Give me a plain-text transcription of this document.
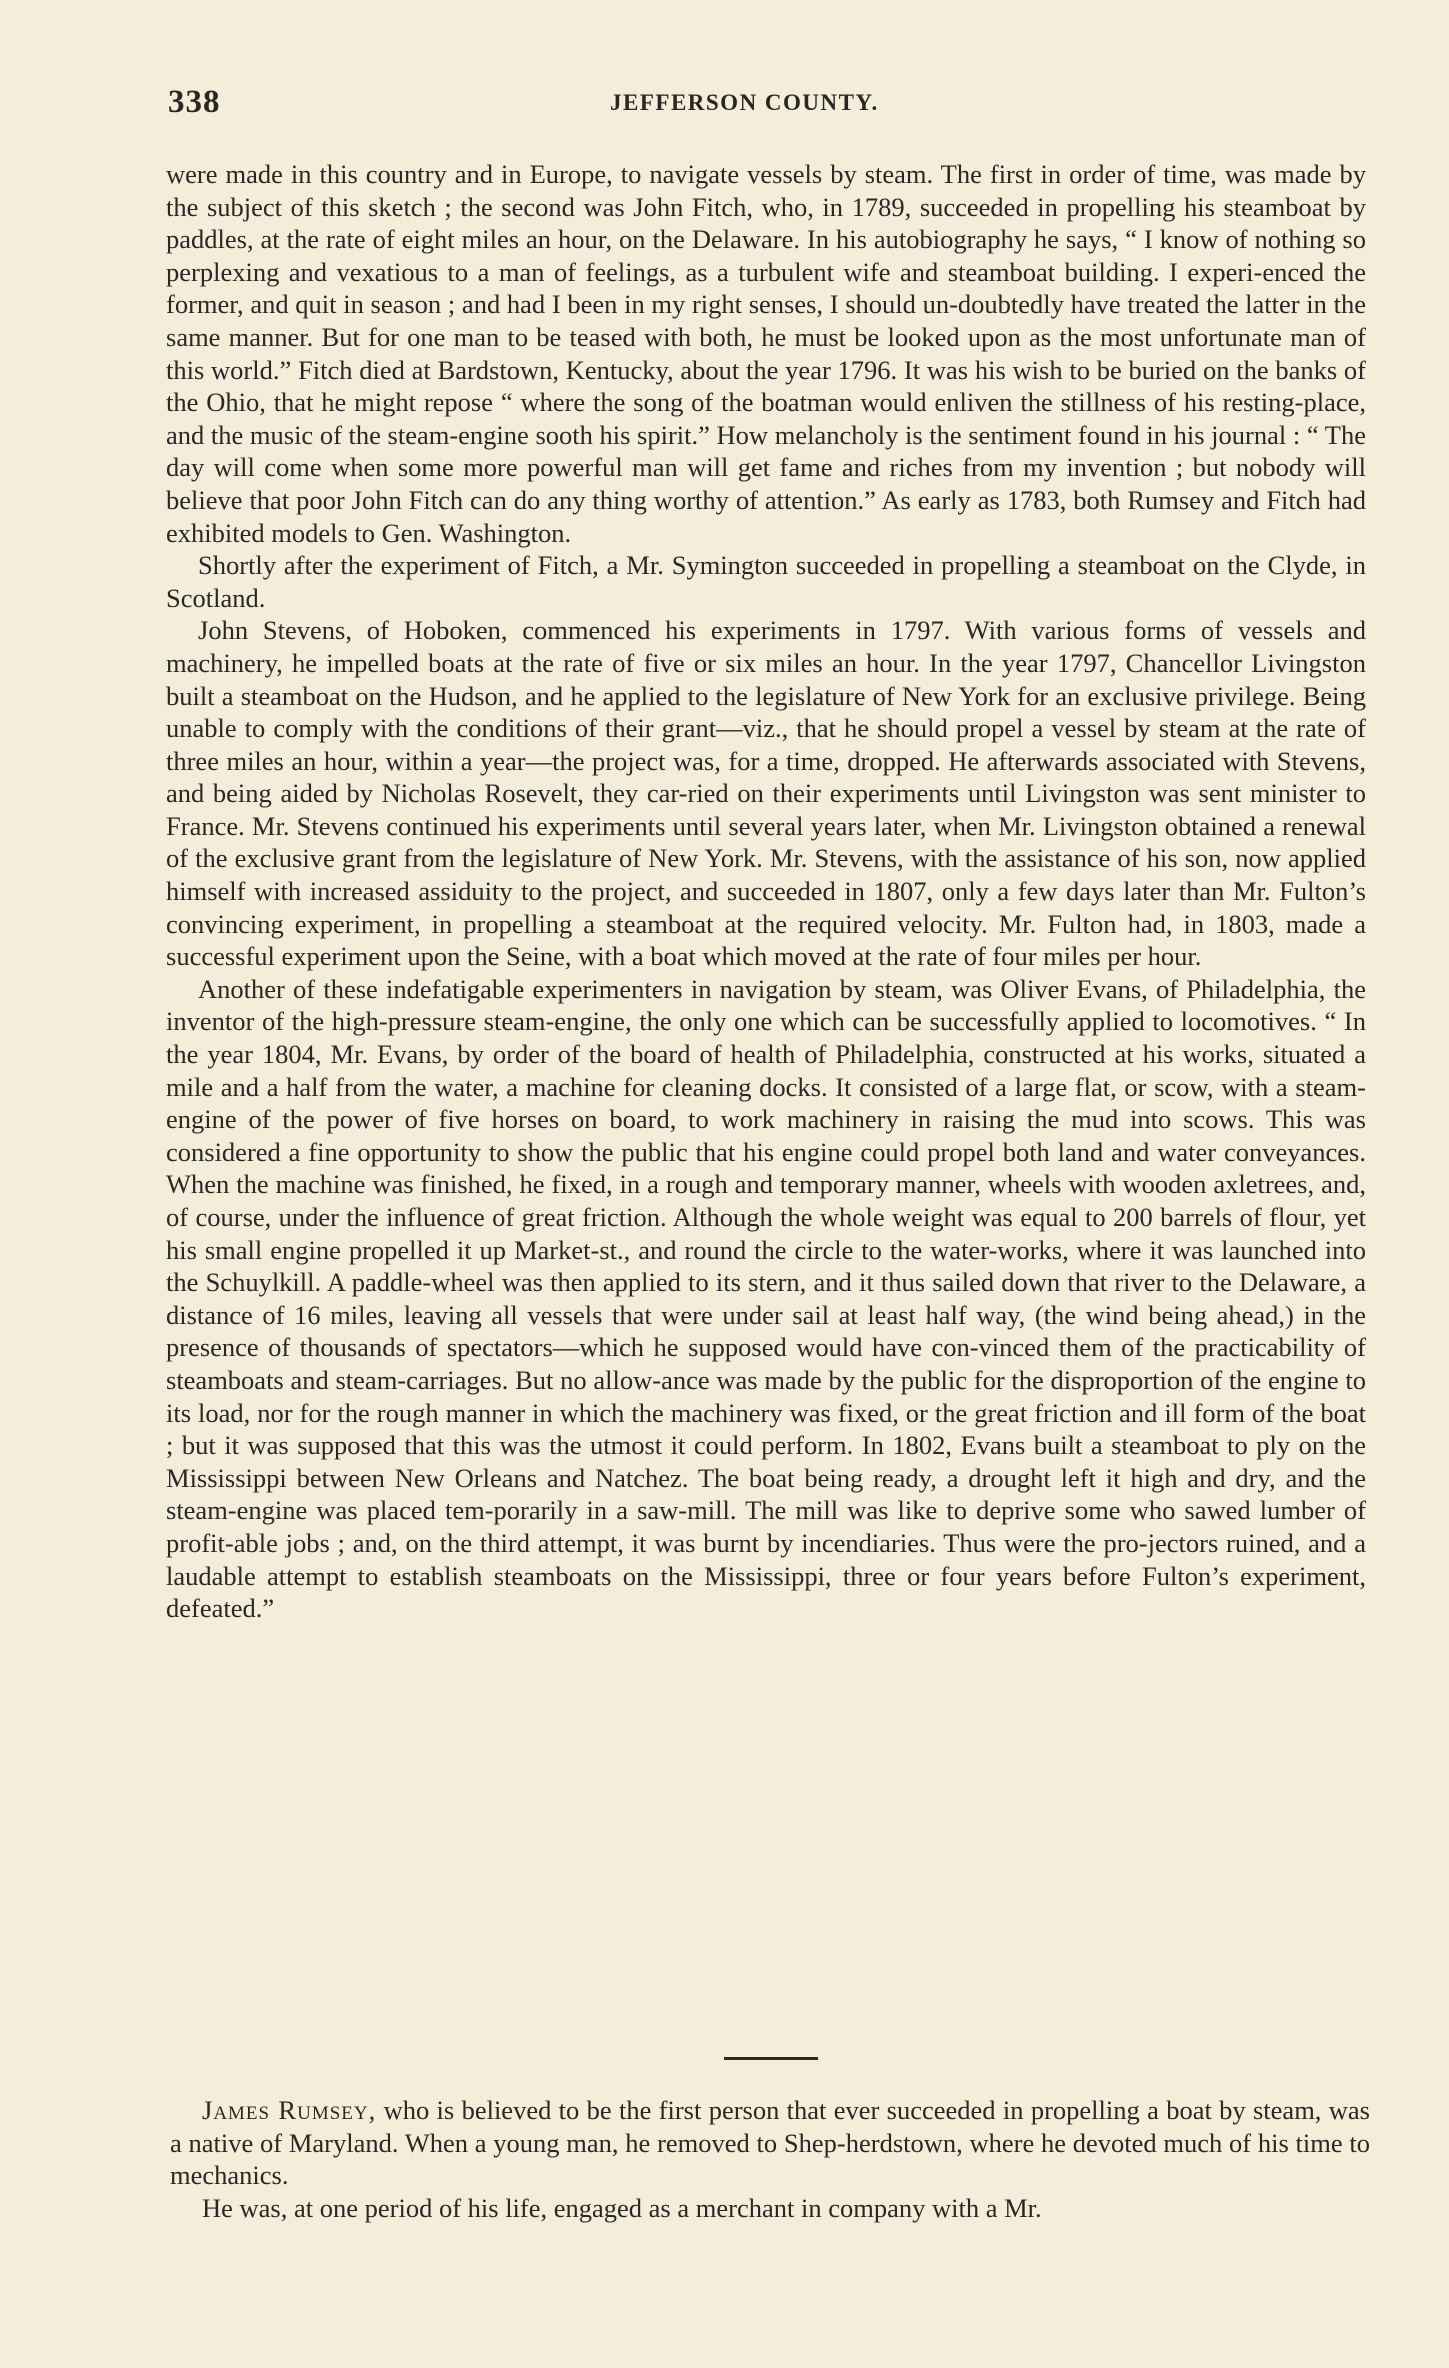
338	JEFFERSON COUNTY.

were made in this country and in Europe, to navigate vessels by steam. The first in order of time, was made by the subject of this sketch ; the second was John Fitch, who, in 1789, succeeded in propelling his steamboat by paddles, at the rate of eight miles an hour, on the Delaware. In his autobiography he says, “ I know of nothing so perplexing and vexatious to a man of feelings, as a turbulent wife and steamboat building. I experi-enced the former, and quit in season ; and had I been in my right senses, I should un-doubtedly have treated the latter in the same manner. But for one man to be teased with both, he must be looked upon as the most unfortunate man of this world.” Fitch died at Bardstown, Kentucky, about the year 1796. It was his wish to be buried on the banks of the Ohio, that he might repose “ where the song of the boatman would enliven the stillness of his resting-place, and the music of the steam-engine sooth his spirit.” How melancholy is the sentiment found in his journal : “ The day will come when some more powerful man will get fame and riches from my invention ; but nobody will believe that poor John Fitch can do any thing worthy of attention.” As early as 1783, both Rumsey and Fitch had exhibited models to Gen. Washington.

Shortly after the experiment of Fitch, a Mr. Symington succeeded in propelling a steamboat on the Clyde, in Scotland.

John Stevens, of Hoboken, commenced his experiments in 1797. With various forms of vessels and machinery, he impelled boats at the rate of five or six miles an hour. In the year 1797, Chancellor Livingston built a steamboat on the Hudson, and he applied to the legislature of New York for an exclusive privilege. Being unable to comply with the conditions of their grant—viz., that he should propel a vessel by steam at the rate of three miles an hour, within a year—the project was, for a time, dropped. He afterwards associated with Stevens, and being aided by Nicholas Rosevelt, they car-ried on their experiments until Livingston was sent minister to France. Mr. Stevens continued his experiments until several years later, when Mr. Livingston obtained a renewal of the exclusive grant from the legislature of New York. Mr. Stevens, with the assistance of his son, now applied himself with increased assiduity to the project, and succeeded in 1807, only a few days later than Mr. Fulton’s convincing experiment, in propelling a steamboat at the required velocity. Mr. Fulton had, in 1803, made a successful experiment upon the Seine, with a boat which moved at the rate of four miles per hour.

Another of these indefatigable experimenters in navigation by steam, was Oliver Evans, of Philadelphia, the inventor of the high-pressure steam-engine, the only one which can be successfully applied to locomotives. “ In the year 1804, Mr. Evans, by order of the board of health of Philadelphia, constructed at his works, situated a mile and a half from the water, a machine for cleaning docks. It consisted of a large flat, or scow, with a steam-engine of the power of five horses on board, to work machinery in raising the mud into scows. This was considered a fine opportunity to show the public that his engine could propel both land and water conveyances. When the machine was finished, he fixed, in a rough and temporary manner, wheels with wooden axletrees, and, of course, under the influence of great friction. Although the whole weight was equal to 200 barrels of flour, yet his small engine propelled it up Market-st., and round the circle to the water-works, where it was launched into the Schuylkill. A paddle-wheel was then applied to its stern, and it thus sailed down that river to the Delaware, a distance of 16 miles, leaving all vessels that were under sail at least half way, (the wind being ahead,) in the presence of thousands of spectators—which he supposed would have con-vinced them of the practicability of steamboats and steam-carriages. But no allow-ance was made by the public for the disproportion of the engine to its load, nor for the rough manner in which the machinery was fixed, or the great friction and ill form of the boat ; but it was supposed that this was the utmost it could perform. In 1802, Evans built a steamboat to ply on the Mississippi between New Orleans and Natchez. The boat being ready, a drought left it high and dry, and the steam-engine was placed tem-porarily in a saw-mill. The mill was like to deprive some who sawed lumber of profit-able jobs ; and, on the third attempt, it was burnt by incendiaries. Thus were the pro-jectors ruined, and a laudable attempt to establish steamboats on the Mississippi, three or four years before Fulton’s experiment, defeated.”

James Rumsey, who is believed to be the first person that ever succeeded in propelling a boat by steam, was a native of Maryland. When a young man, he removed to Shep-herdstown, where he devoted much of his time to mechanics.

He was, at one period of his life, engaged as a merchant in company with a Mr.
